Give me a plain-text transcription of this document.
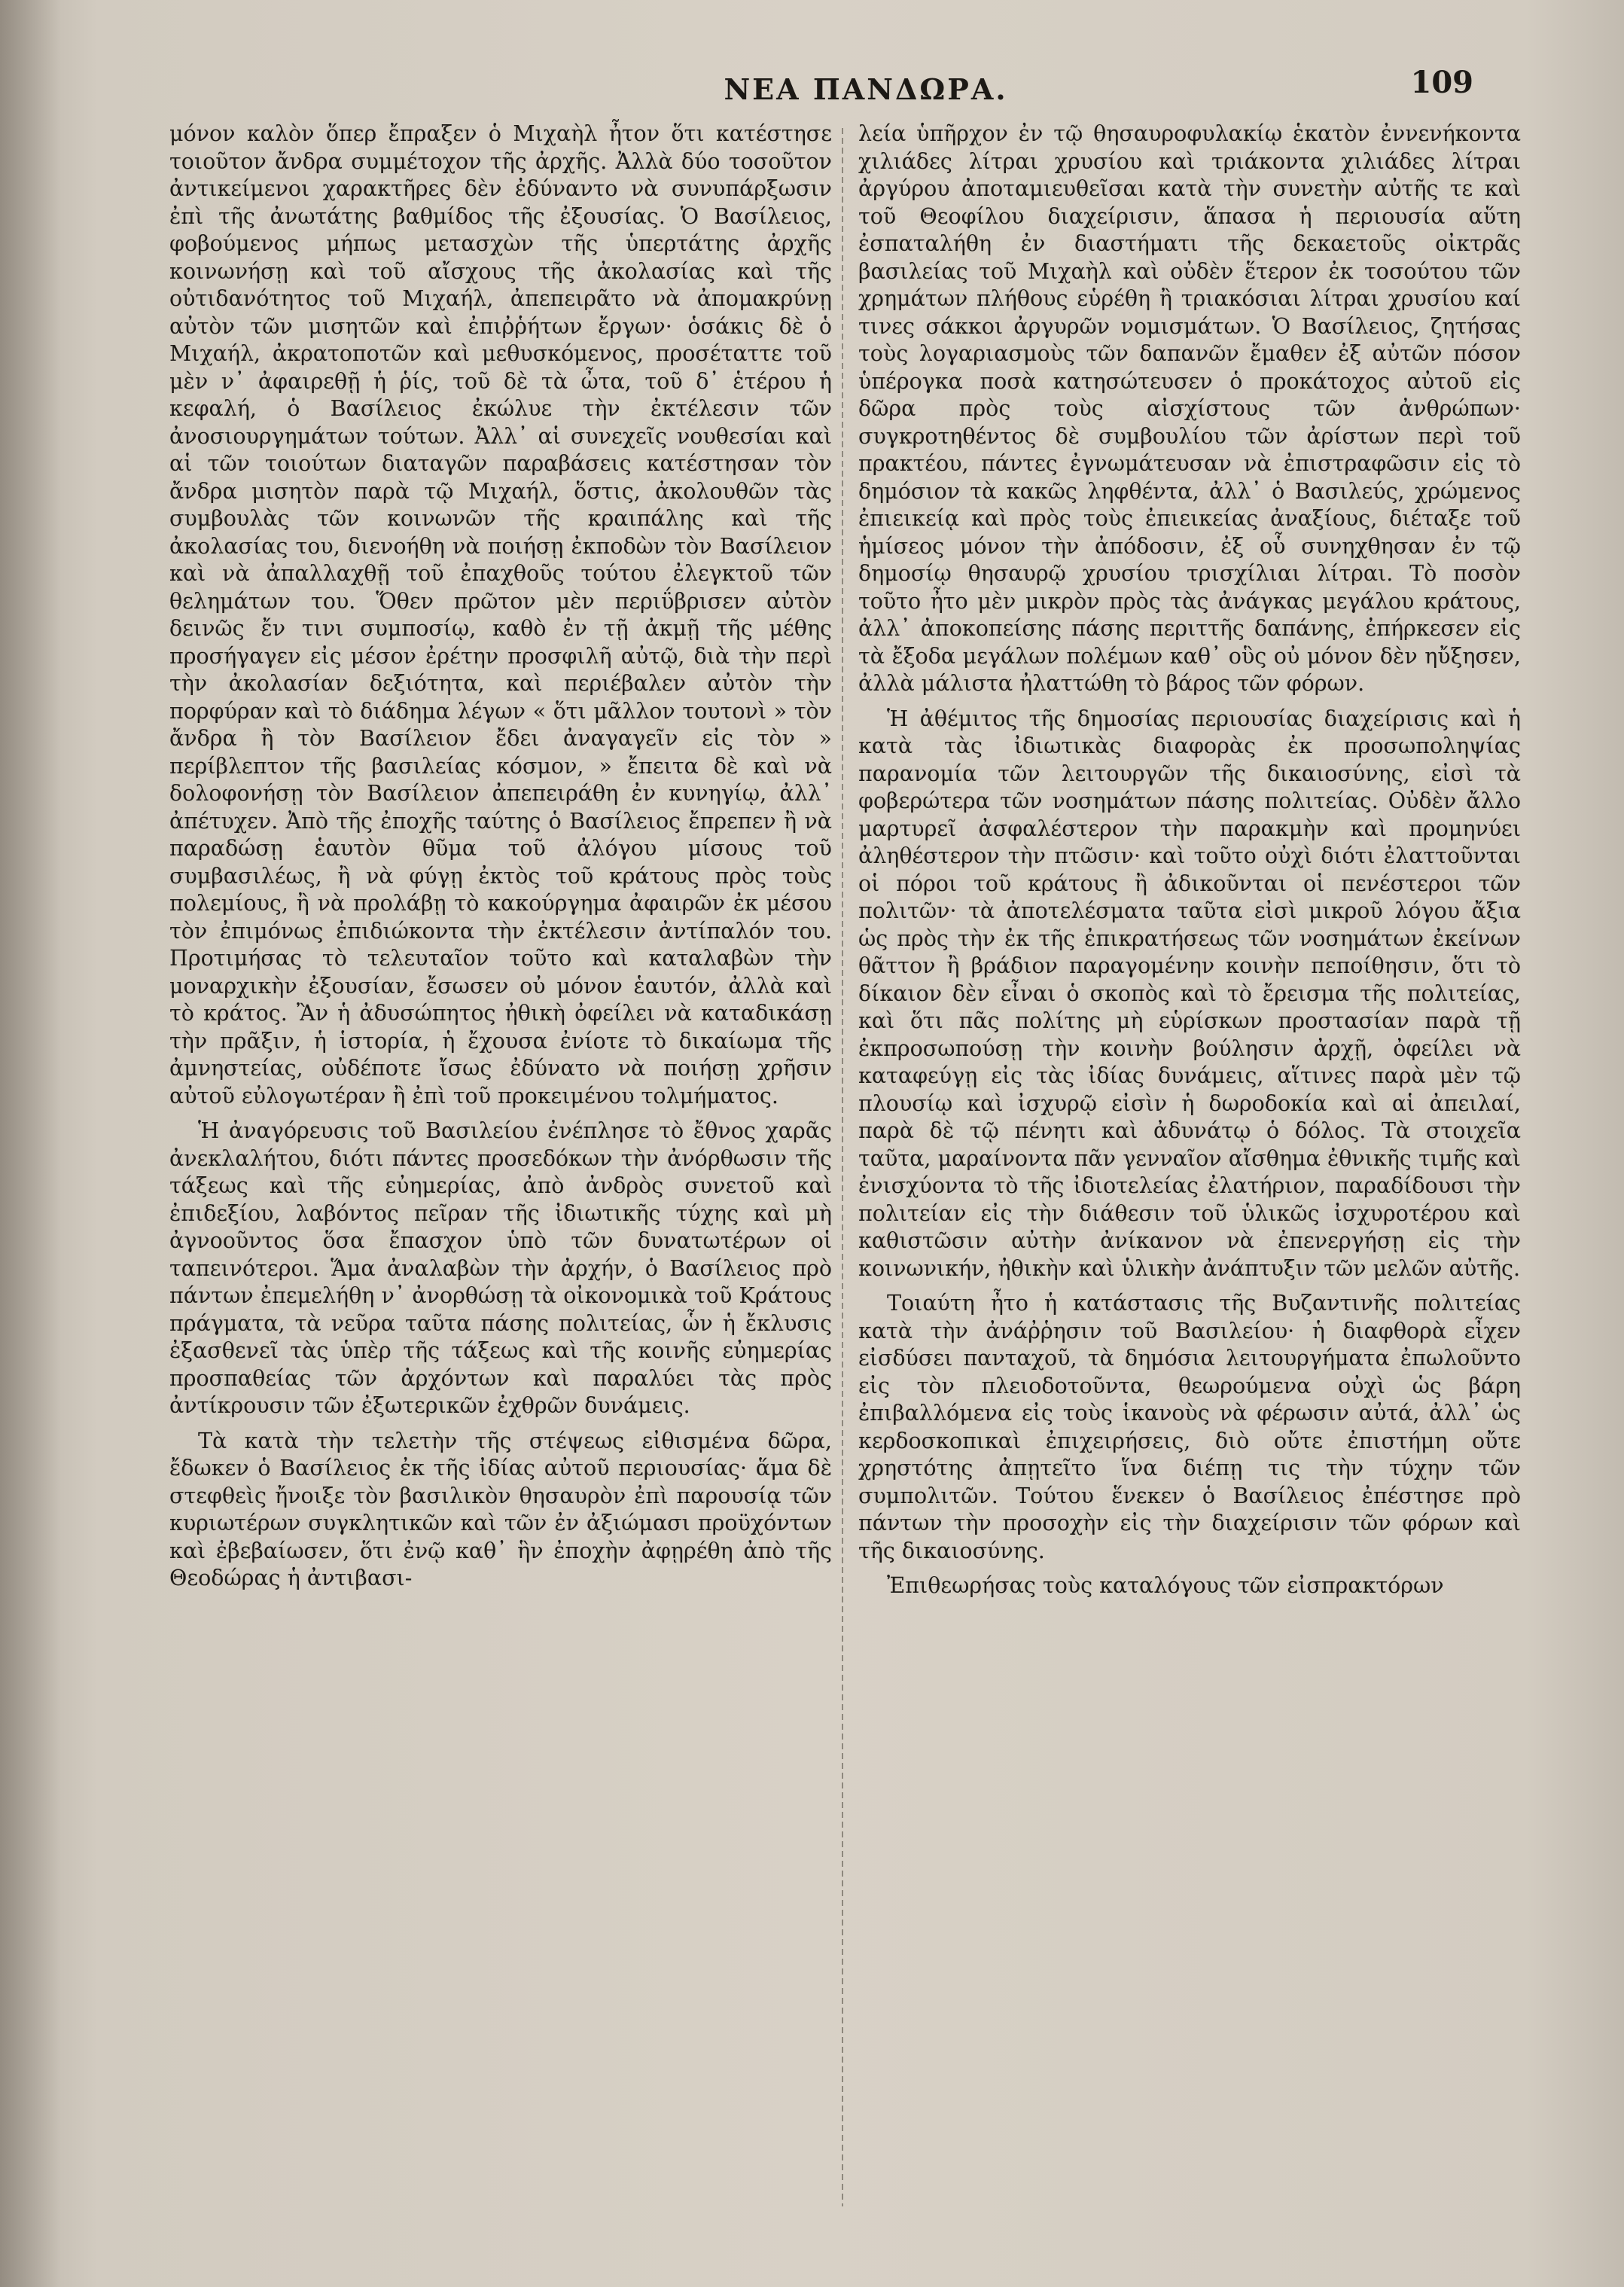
ΝΕΑ ΠΑΝΔΩΡΑ.	109

μόνον καλὸν ὅπερ ἔπραξεν ὁ Μιχαὴλ ἦτον ὅτι κατέστησε τοιοῦτον ἄνδρα συμμέτοχον τῆς ἀρχῆς. Ἀλλὰ δύο τοσοῦτον ἀντικείμενοι χαρακτῆρες δὲν ἐδύναντο νὰ συνυπάρξωσιν ἐπὶ τῆς ἀνωτάτης βαθμίδος τῆς ἐξουσίας. Ὁ Βασίλειος, φοβούμενος μήπως μετασχὼν τῆς ὑπερτάτης ἀρχῆς κοινωνήσῃ καὶ τοῦ αἴσχους τῆς ἀκολασίας καὶ τῆς οὐτιδανότητος τοῦ Μιχαήλ, ἀπεπειρᾶτο νὰ ἀπομακρύνῃ αὐτὸν τῶν μισητῶν καὶ ἐπιῤῥήτων ἔργων· ὁσάκις δὲ ὁ Μιχαήλ, ἀκρατοποτῶν καὶ μεθυσκόμενος, προσέταττε τοῦ μὲν ν᾽ ἀφαιρεθῇ ἡ ῥίς, τοῦ δὲ τὰ ὦτα, τοῦ δ᾽ ἑτέρου ἡ κεφαλή, ὁ Βασίλειος ἐκώλυε τὴν ἐκτέλεσιν τῶν ἀνοσιουργημάτων τούτων. Ἀλλ᾽ αἱ συνεχεῖς νουθεσίαι καὶ αἱ τῶν τοιούτων διαταγῶν παραβάσεις κατέστησαν τὸν ἄνδρα μισητὸν παρὰ τῷ Μιχαήλ, ὅστις, ἀκολουθῶν τὰς συμβουλὰς τῶν κοινωνῶν τῆς κραιπάλης καὶ τῆς ἀκολασίας του, διενοήθη νὰ ποιήσῃ ἐκποδὼν τὸν Βασίλειον καὶ νὰ ἀπαλλαχθῇ τοῦ ἐπαχθοῦς τούτου ἐλεγκτοῦ τῶν θελημάτων του. Ὅθεν πρῶτον μὲν περιΰβρισεν αὐτὸν δεινῶς ἔν τινι συμποσίῳ, καθὸ ἐν τῇ ἀκμῇ τῆς μέθης προσήγαγεν εἰς μέσον ἐρέτην προσφιλῆ αὐτῷ, διὰ τὴν περὶ τὴν ἀκολασίαν δεξιότητα, καὶ περιέβαλεν αὐτὸν τὴν πορφύραν καὶ τὸ διάδημα λέγων « ὅτι μᾶλλον τουτονὶ » τὸν ἄνδρα ἢ τὸν Βασίλειον ἔδει ἀναγαγεῖν εἰς τὸν » περίβλεπτον τῆς βασιλείας κόσμον, » ἔπειτα δὲ καὶ νὰ δολοφονήσῃ τὸν Βασίλειον ἀπεπειράθη ἐν κυνηγίῳ, ἀλλ᾽ ἀπέτυχεν. Ἀπὸ τῆς ἐποχῆς ταύτης ὁ Βασίλειος ἔπρεπεν ἢ νὰ παραδώσῃ ἑαυτὸν θῦμα τοῦ ἀλόγου μίσους τοῦ συμβασιλέως, ἢ νὰ φύγῃ ἐκτὸς τοῦ κράτους πρὸς τοὺς πολεμίους, ἢ νὰ προλάβῃ τὸ κακούργημα ἀφαιρῶν ἐκ μέσου τὸν ἐπιμόνως ἐπιδιώκοντα τὴν ἐκτέλεσιν ἀντίπαλόν του. Προτιμήσας τὸ τελευταῖον τοῦτο καὶ καταλαβὼν τὴν μοναρχικὴν ἐξουσίαν, ἔσωσεν οὐ μόνον ἑαυτόν, ἀλλὰ καὶ τὸ κράτος. Ἂν ἡ ἀδυσώπητος ἠθικὴ ὀφείλει νὰ καταδικάσῃ τὴν πρᾶξιν, ἡ ἱστορία, ἡ ἔχουσα ἐνίοτε τὸ δικαίωμα τῆς ἀμνηστείας, οὐδέποτε ἴσως ἐδύνατο νὰ ποιήσῃ χρῆσιν αὐτοῦ εὐλογωτέραν ἢ ἐπὶ τοῦ προκειμένου τολμήματος.

Ἡ ἀναγόρευσις τοῦ Βασιλείου ἐνέπλησε τὸ ἔθνος χαρᾶς ἀνεκλαλήτου, διότι πάντες προσεδόκων τὴν ἀνόρθωσιν τῆς τάξεως καὶ τῆς εὐημερίας, ἀπὸ ἀνδρὸς συνετοῦ καὶ ἐπιδεξίου, λαβόντος πεῖραν τῆς ἰδιωτικῆς τύχης καὶ μὴ ἀγνοοῦντος ὅσα ἔπασχον ὑπὸ τῶν δυνατωτέρων οἱ ταπεινότεροι. Ἅμα ἀναλαβὼν τὴν ἀρχήν, ὁ Βασίλειος πρὸ πάντων ἐπεμελήθη ν᾽ ἀνορθώσῃ τὰ οἰκονομικὰ τοῦ Κράτους πράγματα, τὰ νεῦρα ταῦτα πάσης πολιτείας, ὧν ἡ ἔκλυσις ἐξασθενεῖ τὰς ὑπὲρ τῆς τάξεως καὶ τῆς κοινῆς εὐημερίας προσπαθείας τῶν ἀρχόντων καὶ παραλύει τὰς πρὸς ἀντίκρουσιν τῶν ἐξωτερικῶν ἐχθρῶν δυνάμεις.

Τὰ κατὰ τὴν τελετὴν τῆς στέψεως εἰθισμένα δῶρα, ἔδωκεν ὁ Βασίλειος ἐκ τῆς ἰδίας αὐτοῦ περιουσίας· ἅμα δὲ στεφθεὶς ἤνοιξε τὸν βασιλικὸν θησαυρὸν ἐπὶ παρουσίᾳ τῶν κυριωτέρων συγκλητικῶν καὶ τῶν ἐν ἀξιώμασι προϋχόντων καὶ ἐβεβαίωσεν, ὅτι ἐνῷ καθ᾽ ἣν ἐποχὴν ἀφῃρέθη ἀπὸ τῆς Θεοδώρας ἡ ἀντιβασι-

λεία ὑπῆρχον ἐν τῷ θησαυροφυλακίῳ ἑκατὸν ἐννενήκοντα χιλιάδες λίτραι χρυσίου καὶ τριάκοντα χιλιάδες λίτραι ἀργύρου ἀποταμιευθεῖσαι κατὰ τὴν συνετὴν αὐτῆς τε καὶ τοῦ Θεοφίλου διαχείρισιν, ἅπασα ἡ περιουσία αὕτη ἐσπαταλήθη ἐν διαστήματι τῆς δεκαετοῦς οἰκτρᾶς βασιλείας τοῦ Μιχαὴλ καὶ οὐδὲν ἕτερον ἐκ τοσούτου τῶν χρημάτων πλήθους εὑρέθη ἢ τριακόσιαι λίτραι χρυσίου καί τινες σάκκοι ἀργυρῶν νομισμάτων. Ὁ Βασίλειος, ζητήσας τοὺς λογαριασμοὺς τῶν δαπανῶν ἔμαθεν ἐξ αὐτῶν πόσον ὑπέρογκα ποσὰ κατησώτευσεν ὁ προκάτοχος αὐτοῦ εἰς δῶρα πρὸς τοὺς αἰσχίστους τῶν ἀνθρώπων· συγκροτηθέντος δὲ συμβουλίου τῶν ἀρίστων περὶ τοῦ πρακτέου, πάντες ἐγνωμάτευσαν νὰ ἐπιστραφῶσιν εἰς τὸ δημόσιον τὰ κακῶς ληφθέντα, ἀλλ᾽ ὁ Βασιλεύς, χρώμενος ἐπιεικείᾳ καὶ πρὸς τοὺς ἐπιεικείας ἀναξίους, διέταξε τοῦ ἡμίσεος μόνον τὴν ἀπόδοσιν, ἐξ οὗ συνηχθησαν ἐν τῷ δημοσίῳ θησαυρῷ χρυσίου τρισχίλιαι λίτραι. Τὸ ποσὸν τοῦτο ἦτο μὲν μικρὸν πρὸς τὰς ἀνάγκας μεγάλου κράτους, ἀλλ᾽ ἀποκοπείσης πάσης περιττῆς δαπάνης, ἐπήρκεσεν εἰς τὰ ἔξοδα μεγάλων πολέμων καθ᾽ οὓς οὐ μόνον δὲν ηὔξησεν, ἀλλὰ μάλιστα ἠλαττώθη τὸ βάρος τῶν φόρων.

Ἡ ἀθέμιτος τῆς δημοσίας περιουσίας διαχείρισις καὶ ἡ κατὰ τὰς ἰδιωτικὰς διαφορὰς ἐκ προσωποληψίας παρανομία τῶν λειτουργῶν τῆς δικαιοσύνης, εἰσὶ τὰ φοβερώτερα τῶν νοσημάτων πάσης πολιτείας. Οὐδὲν ἄλλο μαρτυρεῖ ἀσφαλέστερον τὴν παρακμὴν καὶ προμηνύει ἀληθέστερον τὴν πτῶσιν· καὶ τοῦτο οὐχὶ διότι ἐλαττοῦνται οἱ πόροι τοῦ κράτους ἢ ἀδικοῦνται οἱ πενέστεροι τῶν πολιτῶν· τὰ ἀποτελέσματα ταῦτα εἰσὶ μικροῦ λόγου ἄξια ὡς πρὸς τὴν ἐκ τῆς ἐπικρατήσεως τῶν νοσημάτων ἐκείνων θᾶττον ἢ βράδιον παραγομένην κοινὴν πεποίθησιν, ὅτι τὸ δίκαιον δὲν εἶναι ὁ σκοπὸς καὶ τὸ ἔρεισμα τῆς πολιτείας, καὶ ὅτι πᾶς πολίτης μὴ εὑρίσκων προστασίαν παρὰ τῇ ἐκπροσωπούσῃ τὴν κοινὴν βούλησιν ἀρχῇ, ὀφείλει νὰ καταφεύγῃ εἰς τὰς ἰδίας δυνάμεις, αἵτινες παρὰ μὲν τῷ πλουσίῳ καὶ ἰσχυρῷ εἰσὶν ἡ δωροδοκία καὶ αἱ ἀπειλαί, παρὰ δὲ τῷ πένητι καὶ ἀδυνάτῳ ὁ δόλος. Τὰ στοιχεῖα ταῦτα, μαραίνοντα πᾶν γενναῖον αἴσθημα ἐθνικῆς τιμῆς καὶ ἐνισχύοντα τὸ τῆς ἰδιοτελείας ἐλατήριον, παραδίδουσι τὴν πολιτείαν εἰς τὴν διάθεσιν τοῦ ὑλικῶς ἰσχυροτέρου καὶ καθιστῶσιν αὐτὴν ἀνίκανον νὰ ἐπενεργήσῃ εἰς τὴν κοινωνικήν, ἠθικὴν καὶ ὑλικὴν ἀνάπτυξιν τῶν μελῶν αὐτῆς.

Τοιαύτη ἦτο ἡ κατάστασις τῆς Βυζαντινῆς πολιτείας κατὰ τὴν ἀνάῤῥησιν τοῦ Βασιλείου· ἡ διαφθορὰ εἶχεν εἰσδύσει πανταχοῦ, τὰ δημόσια λειτουργήματα ἐπωλοῦντο εἰς τὸν πλειοδοτοῦντα, θεωρούμενα οὐχὶ ὡς βάρη ἐπιβαλλόμενα εἰς τοὺς ἱκανοὺς νὰ φέρωσιν αὐτά, ἀλλ᾽ ὡς κερδοσκοπικαὶ ἐπιχειρήσεις, διὸ οὔτε ἐπιστήμη οὔτε χρηστότης ἀπῃτεῖτο ἵνα διέπῃ τις τὴν τύχην τῶν συμπολιτῶν. Τούτου ἕνεκεν ὁ Βασίλειος ἐπέστησε πρὸ πάντων τὴν προσοχὴν εἰς τὴν διαχείρισιν τῶν φόρων καὶ τῆς δικαιοσύνης.

Ἐπιθεωρήσας τοὺς καταλόγους τῶν εἰσπρακτόρων
